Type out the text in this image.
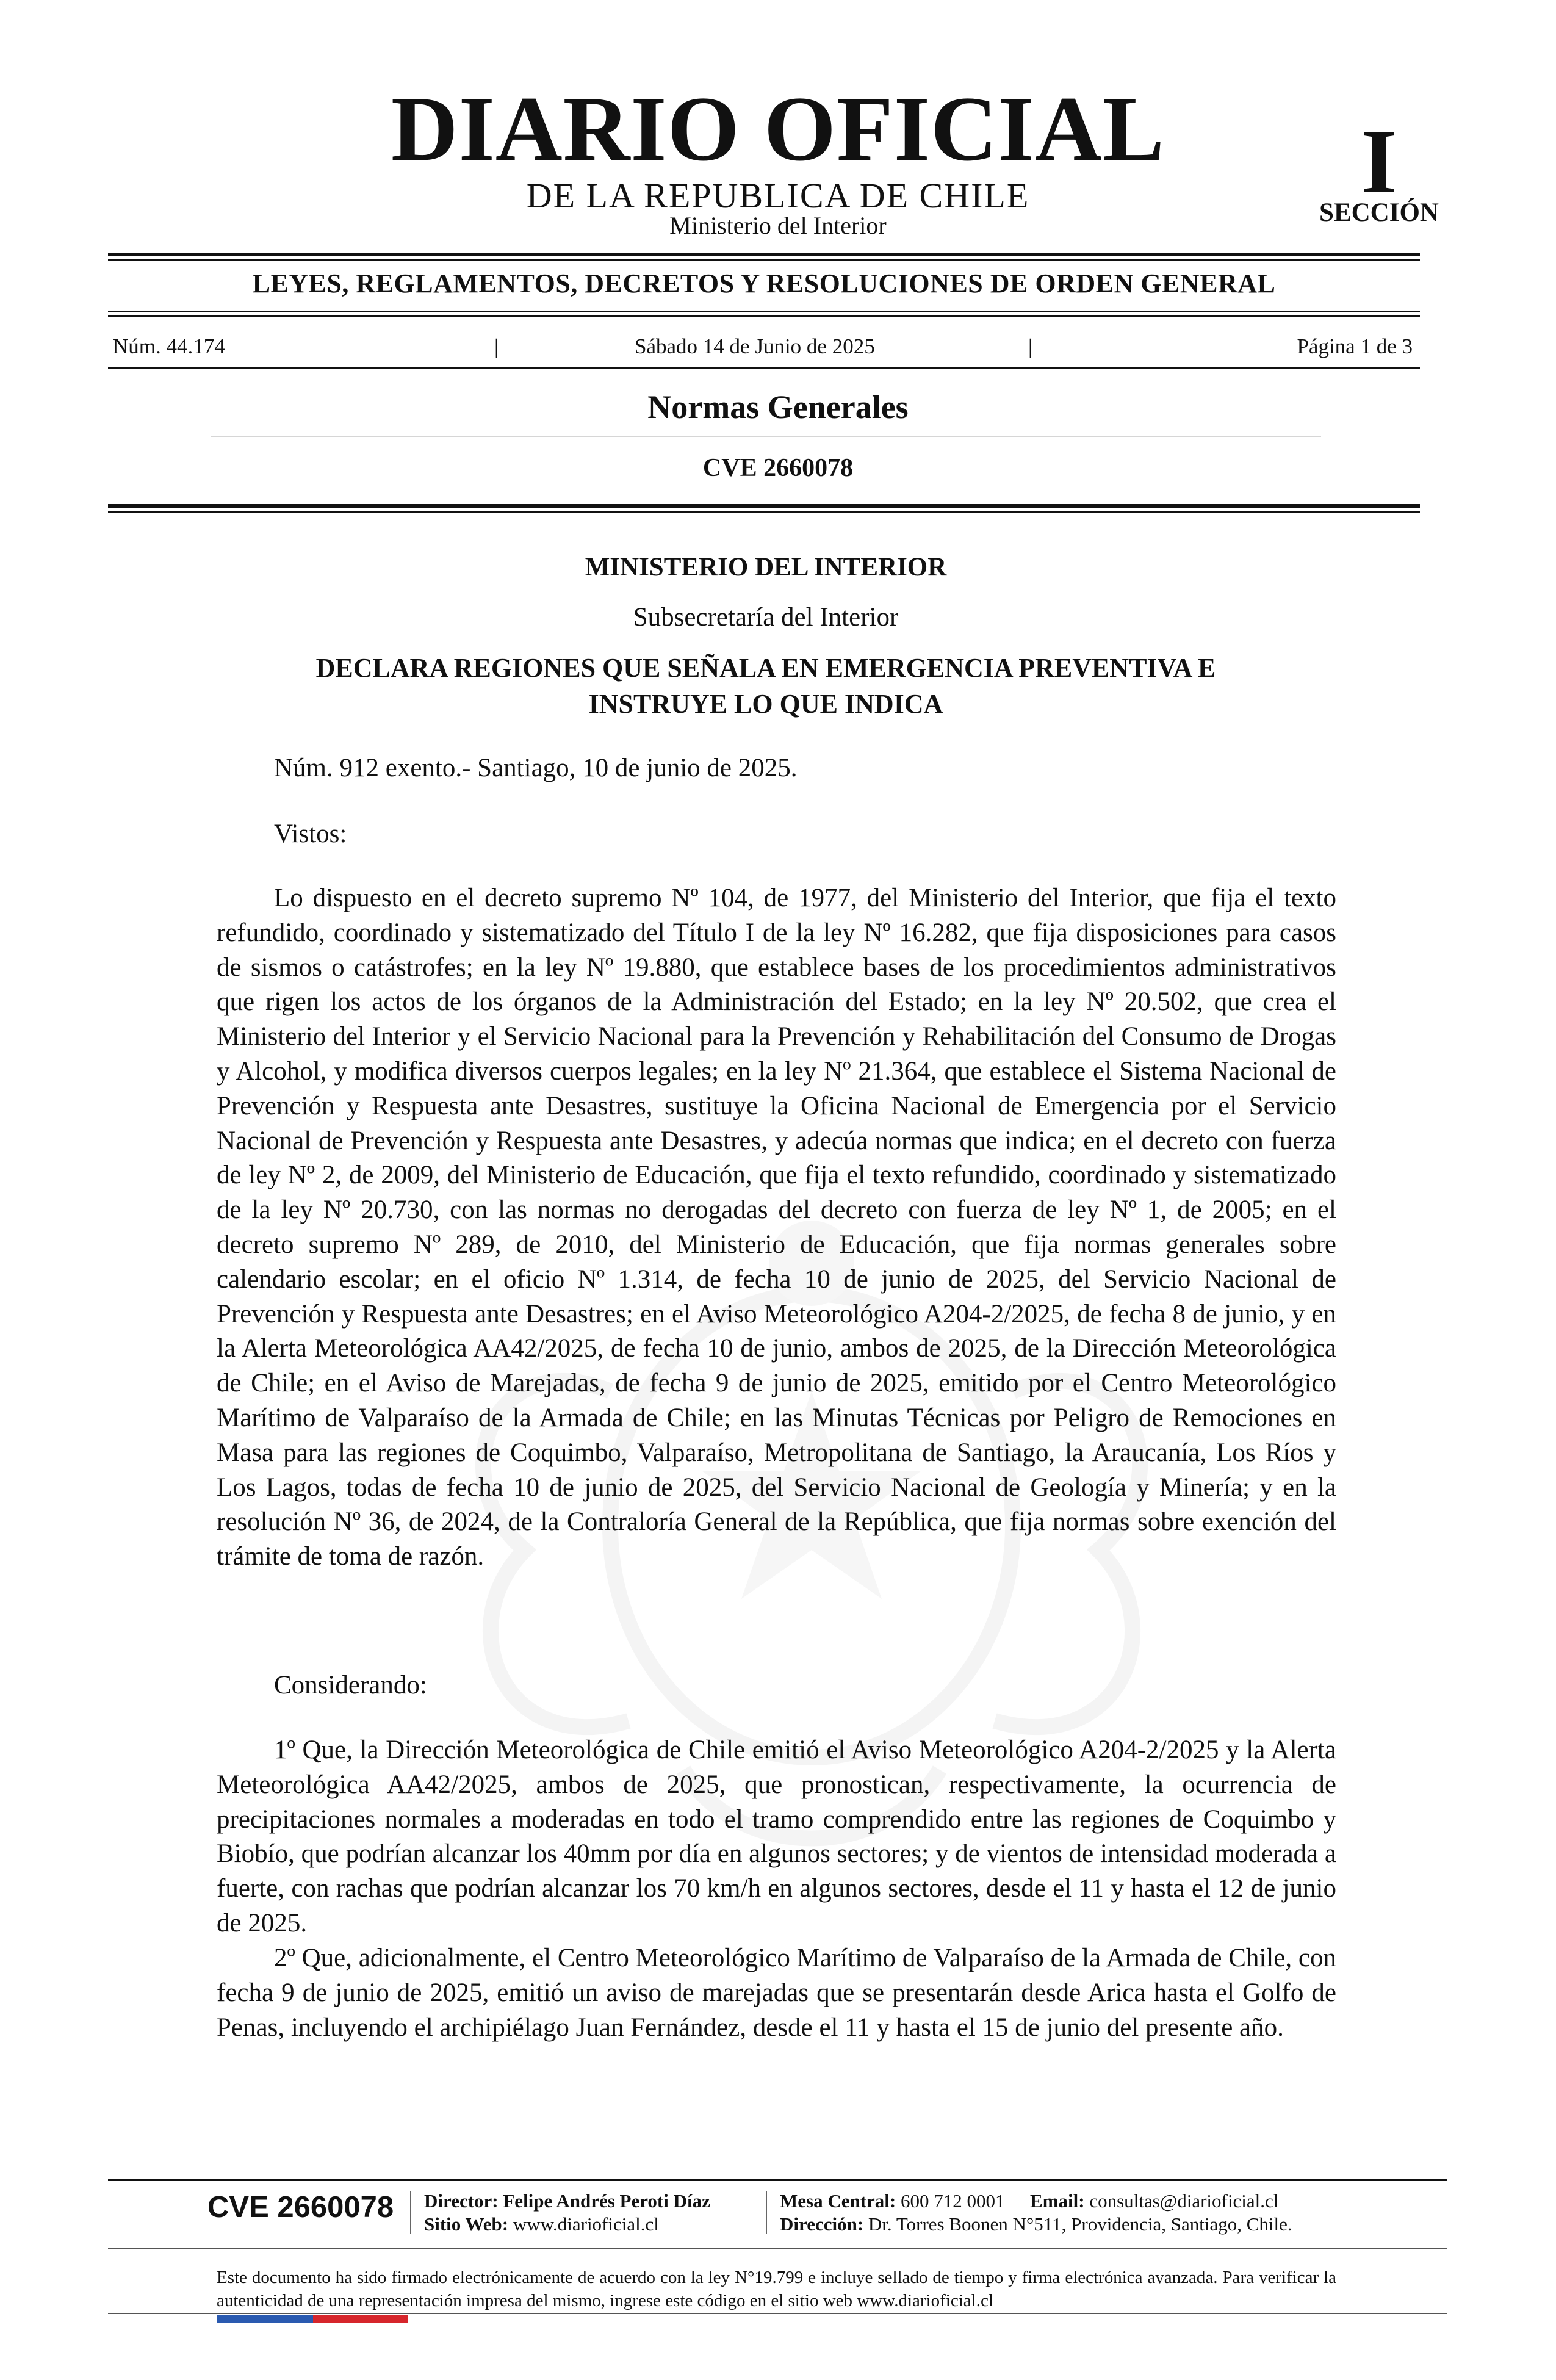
DIARIO OFICIAL
DE LA REPUBLICA DE CHILE
Ministerio del Interior
I
SECCIÓN
LEYES, REGLAMENTOS, DECRETOS Y RESOLUCIONES DE ORDEN GENERAL
Núm. 44.174	|	Sábado 14 de Junio de 2025	|	Página 1 de 3
Normas Generales
CVE 2660078
MINISTERIO DEL INTERIOR
Subsecretaría del Interior
DECLARA REGIONES QUE SEÑALA EN EMERGENCIA PREVENTIVA E INSTRUYE LO QUE INDICA

Núm. 912 exento.- Santiago, 10 de junio de 2025.

Vistos:

Lo dispuesto en el decreto supremo Nº 104, de 1977, del Ministerio del Interior, que fija el texto refundido, coordinado y sistematizado del Título I de la ley Nº 16.282, que fija disposiciones para casos de sismos o catástrofes; en la ley Nº 19.880, que establece bases de los procedimientos administrativos que rigen los actos de los órganos de la Administración del Estado; en la ley Nº 20.502, que crea el Ministerio del Interior y el Servicio Nacional para la Prevención y Rehabilitación del Consumo de Drogas y Alcohol, y modifica diversos cuerpos legales; en la ley Nº 21.364, que establece el Sistema Nacional de Prevención y Respuesta ante Desastres, sustituye la Oficina Nacional de Emergencia por el Servicio Nacional de Prevención y Respuesta ante Desastres, y adecúa normas que indica; en el decreto con fuerza de ley Nº 2, de 2009, del Ministerio de Educación, que fija el texto refundido, coordinado y sistematizado de la ley Nº 20.730, con las normas no derogadas del decreto con fuerza de ley Nº 1, de 2005; en el decreto supremo Nº 289, de 2010, del Ministerio de Educación, que fija normas generales sobre calendario escolar; en el oficio Nº 1.314, de fecha 10 de junio de 2025, del Servicio Nacional de Prevención y Respuesta ante Desastres; en el Aviso Meteorológico A204-2/2025, de fecha 8 de junio, y en la Alerta Meteorológica AA42/2025, de fecha 10 de junio, ambos de 2025, de la Dirección Meteorológica de Chile; en el Aviso de Marejadas, de fecha 9 de junio de 2025, emitido por el Centro Meteorológico Marítimo de Valparaíso de la Armada de Chile; en las Minutas Técnicas por Peligro de Remociones en Masa para las regiones de Coquimbo, Valparaíso, Metropolitana de Santiago, la Araucanía, Los Ríos y Los Lagos, todas de fecha 10 de junio de 2025, del Servicio Nacional de Geología y Minería; y en la resolución Nº 36, de 2024, de la Contraloría General de la República, que fija normas sobre exención del trámite de toma de razón.

Considerando:

1º Que, la Dirección Meteorológica de Chile emitió el Aviso Meteorológico A204-2/2025 y la Alerta Meteorológica AA42/2025, ambos de 2025, que pronostican, respectivamente, la ocurrencia de precipitaciones normales a moderadas en todo el tramo comprendido entre las regiones de Coquimbo y Biobío, que podrían alcanzar los 40mm por día en algunos sectores; y de vientos de intensidad moderada a fuerte, con rachas que podrían alcanzar los 70 km/h en algunos sectores, desde el 11 y hasta el 12 de junio de 2025.

2º Que, adicionalmente, el Centro Meteorológico Marítimo de Valparaíso de la Armada de Chile, con fecha 9 de junio de 2025, emitió un aviso de marejadas que se presentarán desde Arica hasta el Golfo de Penas, incluyendo el archipiélago Juan Fernández, desde el 11 y hasta el 15 de junio del presente año.

CVE 2660078 Director: Felipe Andrés Peroti Díaz
Sitio Web: www.diarioficial.cl
Mesa Central: 600 712 0001 Email: consultas@diarioficial.cl
Dirección: Dr. Torres Boonen N°511, Providencia, Santiago, Chile.

Este documento ha sido firmado electrónicamente de acuerdo con la ley N°19.799 e incluye sellado de tiempo y firma electrónica avanzada. Para verificar la autenticidad de una representación impresa del mismo, ingrese este código en el sitio web www.diarioficial.cl
